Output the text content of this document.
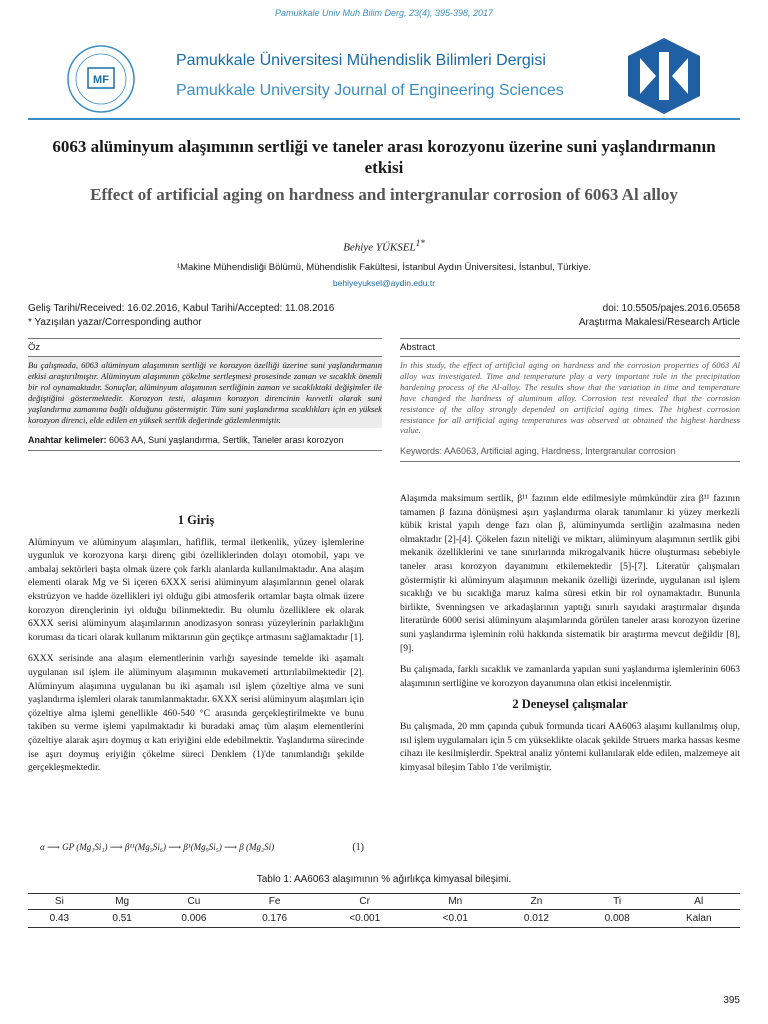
Pamukkale Univ Muh Bilim Derg, 23(4), 395-398, 2017
MF
Pamukkale Üniversitesi Mühendislik Bilimleri Dergisi
Pamukkale University Journal of Engineering Sciences
6063 alüminyum alaşımının sertliği ve taneler arası korozyonu üzerine suni yaşlandırmanın etkisi
Effect of artificial aging on hardness and intergranular corrosion of 6063 Al alloy
Behiye $YÜKSEL^{1*}$
¹Makine Mühendisliği Bölümü, Mühendislik Fakültesi, İstanbul Aydın Üniversitesi, İstanbul, Türkiye.
behiyeyuksel@aydin.edu.tr
Geliş Tarihi/Received: 16.02.2016, Kabul Tarihi/Accepted: 11.08.2016
* Yazışılan yazar/Corresponding author
doi: 10.5505/pajes.2016.05658
Araştırma Makalesi/Research Article
Öz
Bu çalışmada, 6063 alüminyum alaşımının sertliği ve korozyon özelliği üzerine suni yaşlandırmanın etkisi araştırılmıştır. Alüminyum alaşımının çökelme sertleşmesi prosesinde zaman ve sıcaklık önemli bir rol oynamaktadır. Sonuçlar, alüminyum alaşımının sertliğinin zaman ve sıcaklıktaki değişimler ile değiştiğini göstermektedir. Korozyon testi, alaşımın korozyon direncinin kuvvetli olarak suni yaşlandırma zamanına bağlı olduğunu göstermiştir. Tüm suni yaşlandırma sıcaklıkları için en yüksek korozyon direnci, elde edilen en yüksek sertlik değerinde gözlemlenmiştir.
Anahtar kelimeler: 6063 AA, Suni yaşlandırma, Sertlik, Taneler arası korozyon
Abstract
In this study, the effect of artificial aging on hardness and the corrosion properties of 6063 Al alloy was investigated. Time and temperature play a very important role in the precipitation hardening process of the Al-alloy. The results show that the variation in time and temperature have changed the hardness of aluminum alloy. Corrosion test revealed that the corrosion resistance of the alloy strongly depended on artificial aging times. The highest corrosion resistance for all artificial aging temperatures was observed at obtained the highest hardness value.
Keywords: AA6063, Artificial aging, Hardness, Intergranular corrosion
1 Giriş
Alüminyum ve alüminyum alaşımları, hafiflik, termal iletkenlik, yüzey işlemlerine uygunluk ve korozyona karşı direnç gibi özelliklerinden dolayı otomobil, yapı ve ambalaj sektörleri başta olmak üzere çok farklı alanlarda kullanılmaktadır. Ana alaşım elementi olarak Mg ve Si içeren 6XXX serisi alüminyum alaşımlarının genel olarak ekstrüzyon ve hadde özellikleri iyi olduğu gibi atmosferik ortamlar başta olmak üzere korozyon dirençlerinin iyi olduğu bilinmektedir. Bu olumlu özelliklere ek olarak 6XXX serisi alüminyum alaşımlarının anodizasyon sonrası yüzeylerinin parlaklığını koruması da ticari olarak kullanım miktarının gün geçtikçe artmasını sağlamaktadır [1].
6XXX serisinde ana alaşım elementlerinin varlığı sayesinde temelde iki aşamalı uygulanan ısıl işlem ile alüminyum alaşımının mukavemeti arttırılabilmektedir [2]. Alüminyum alaşımına uygulanan bu iki aşamalı ısıl işlem çözeltiye alma ve suni yaşlandırma işlemleri olarak tanımlanmaktadır. 6XXX serisi alüminyum alaşımları için çözeltiye alma işlemi genellikle 460-540 °C arasında gerçekleştirilmekte ve bunu takiben su verme işlemi yapılmaktadır ki buradaki amaç tüm alaşım elementlerini çözeltiye alarak aşırı doymuş α katı eriyiğini elde edebilmektir. Yaşlandırma sürecinde ise aşırı doymuş eriyiğin çökelme süreci Denklem (1)'de tanımlandığı şekilde gerçekleşmektedir.
α ⟶ GP (Mg₁Si₁) ⟶ β¹¹(Mg₅Si₆) ⟶ β¹(Mg₉Si₅) ⟶ β (Mg₂Si)	(1)
Alaşımda maksimum sertlik, β¹¹ fazının elde edilmesiyle mümkündür zira β¹¹ fazının tamamen β fazına dönüşmesi aşırı yaşlandırma olarak tanımlanır ki yüzey merkezli kübik kristal yapılı denge fazı olan β, alüminyumda sertliğin azalmasına neden olmaktadır [2]-[4]. Çökelen fazın niteliği ve miktarı, alüminyum alaşımının sertlik gibi mekanik özelliklerini ve tane sınırlarında mikrogalvanik hücre oluşturması sebebiyle taneler arası korozyon dayanımını etkilemektedir [5]-[7]. Literatür çalışmaları göstermiştir ki alüminyum alaşımının mekanik özelliği üzerinde, uygulanan ısıl işlem sıcaklığı ve bu sıcaklığa maruz kalma süresi etkin bir rol oynamaktadır. Bununla birlikte, Svenningsen ve arkadaşlarının yaptığı sınırlı sayıdaki araştırmalar dışında literatürde 6000 serisi alüminyum alaşımlarında görülen taneler arası korozyon üzerine suni yaşlandırma işleminin rolü hakkında sistematik bir araştırma mevcut değildir [8],[9].
Bu çalışmada, farklı sıcaklık ve zamanlarda yapılan suni yaşlandırma işlemlerinin 6063 alaşımının sertliğine ve korozyon dayanımına olan etkisi incelenmiştir.
2 Deneysel çalışmalar
Bu çalışmada, 20 mm çapında çubuk formunda ticari AA6063 alaşımı kullanılmış olup, ısıl işlem uygulamaları için 5 cm yükseklikte olacak şekilde Struers marka hassas kesme cihazı ile kesilmişlerdir. Spektral analiz yöntemi kullanılarak elde edilen, malzemeye ait kimyasal bileşim Tablo 1'de verilmiştir.
Tablo 1: AA6063 alaşımının % ağırlıkça kimyasal bileşimi.
Si	Mg	Cu	Fe	Cr	Mn	Zn	Ti	Al
0.43	0.51	0.006	0.176	<0.001	<0.01	0.012	0.008	Kalan
395
